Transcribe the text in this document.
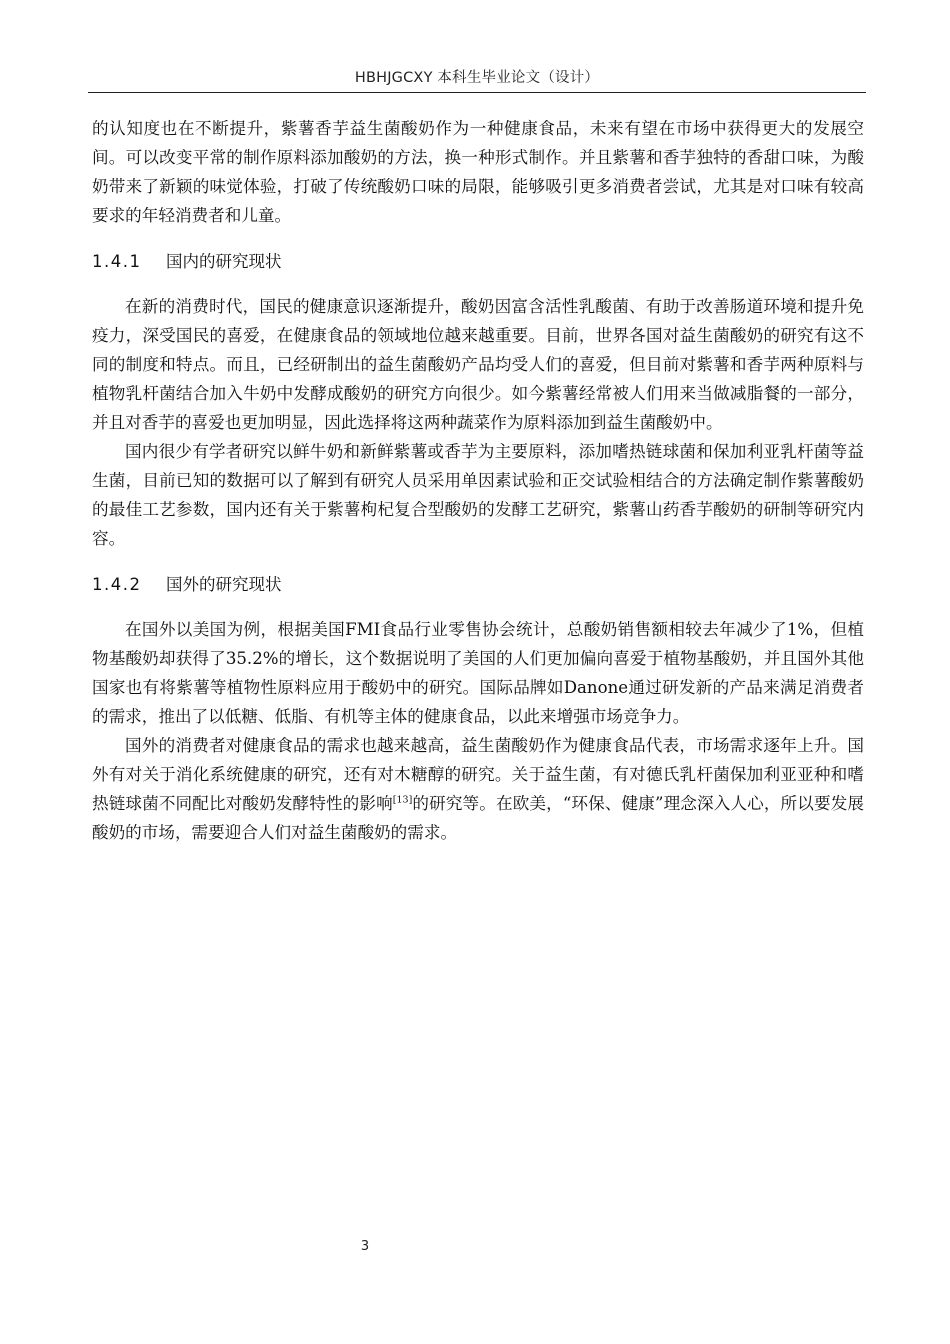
HBHJGCXY 本科生毕业论文（设计）

的认知度也在不断提升，紫薯香芋益生菌酸奶作为一种健康食品，未来有望在市场中获得更大的发展空间。可以改变平常的制作原料添加酸奶的方法，换一种形式制作。并且紫薯和香芋独特的香甜口味，为酸奶带来了新颖的味觉体验，打破了传统酸奶口味的局限，能够吸引更多消费者尝试，尤其是对口味有较高要求的年轻消费者和儿童。

1.4.1 国内的研究现状

在新的消费时代，国民的健康意识逐渐提升，酸奶因富含活性乳酸菌、有助于改善肠道环境和提升免疫力，深受国民的喜爱，在健康食品的领域地位越来越重要。目前，世界各国对益生菌酸奶的研究有这不同的制度和特点。而且，已经研制出的益生菌酸奶产品均受人们的喜爱，但目前对紫薯和香芋两种原料与植物乳杆菌结合加入牛奶中发酵成酸奶的研究方向很少。如今紫薯经常被人们用来当做减脂餐的一部分，并且对香芋的喜爱也更加明显，因此选择将这两种蔬菜作为原料添加到益生菌酸奶中。

国内很少有学者研究以鲜牛奶和新鲜紫薯或香芋为主要原料，添加嗜热链球菌和保加利亚乳杆菌等益生菌，目前已知的数据可以了解到有研究人员采用单因素试验和正交试验相结合的方法确定制作紫薯酸奶的最佳工艺参数，国内还有关于紫薯枸杞复合型酸奶的发酵工艺研究，紫薯山药香芋酸奶的研制等研究内容。

1.4.2 国外的研究现状

在国外以美国为例，根据美国FMI食品行业零售协会统计，总酸奶销售额相较去年减少了1%，但植物基酸奶却获得了35.2%的增长，这个数据说明了美国的人们更加偏向喜爱于植物基酸奶，并且国外其他国家也有将紫薯等植物性原料应用于酸奶中的研究。国际品牌如Danone通过研发新的产品来满足消费者的需求，推出了以低糖、低脂、有机等主体的健康食品，以此来增强市场竞争力。

国外的消费者对健康食品的需求也越来越高，益生菌酸奶作为健康食品代表，市场需求逐年上升。国外有对关于消化系统健康的研究，还有对木糖醇的研究。关于益生菌，有对德氏乳杆菌保加利亚亚种和嗜热链球菌不同配比对酸奶发酵特性的影响[13]的研究等。在欧美，“环保、健康”理念深入人心，所以要发展酸奶的市场，需要迎合人们对益生菌酸奶的需求。

3
